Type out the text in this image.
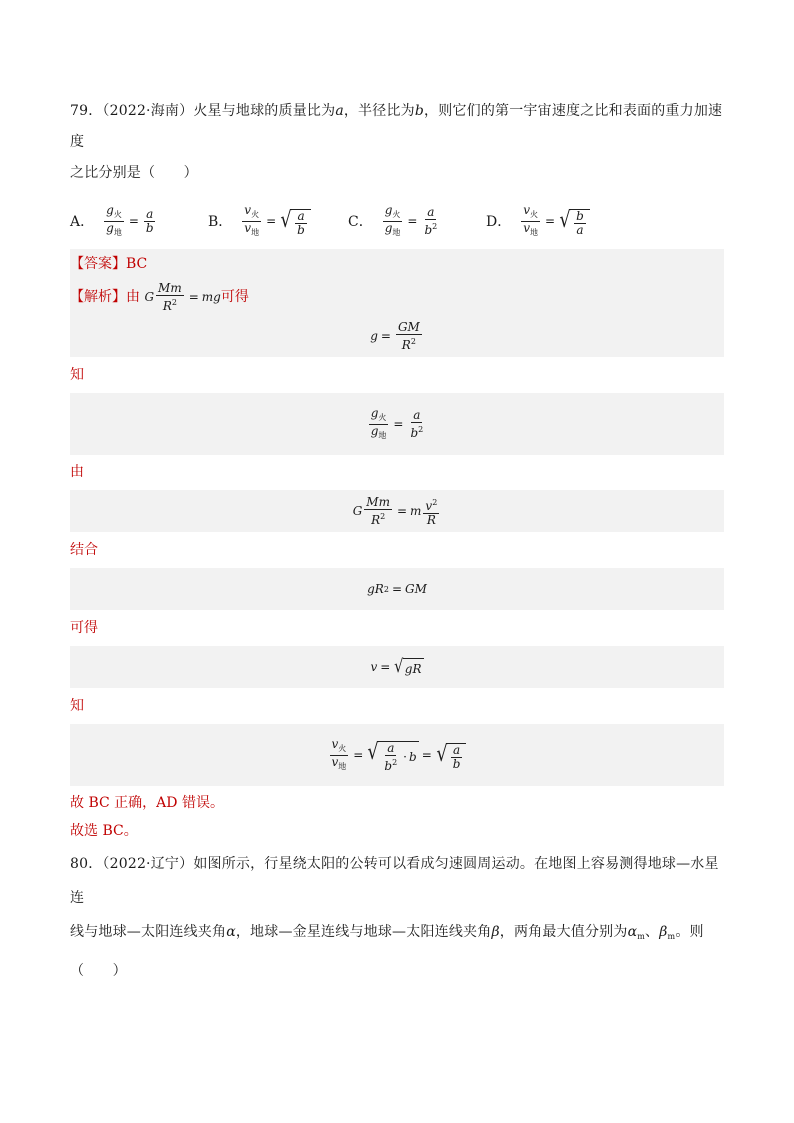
79．（2022·海南）火星与地球的质量比为a，半径比为b，则它们的第一宇宙速度之比和表面的重力加速度

之比分别是（　　）

A． $\frac{g_火}{g_地} = \frac{a}{b}$	B． $\frac{v_火}{v_地}$ = √ $\frac{a}{b}$	C． $\frac{g_火}{g_地} = \frac{a}{b^2}$	D． $\frac{v_火}{v_地}$ = √ $\frac{b}{a}$
【答案】BC
【解析】由 G $\frac{Mm}{R^2}$ = mg可得
$g = \frac{GM}{R^2}$
知
$\frac{g_火}{g_地} = \frac{a}{b^2}$
由
G $\frac{Mm}{R^2} = m \frac{v^2}{R}$
结合
gR 2 = GM
可得
v = √ gR
知
$\frac{v_火}{v_地}$ = √ $\frac{a}{b^2} \cdot b$ = √ $\frac{a}{b}$
故 BC 正确，AD 错误。
故选 BC。

80．（2022·辽宁）如图所示，行星绕太阳的公转可以看成匀速圆周运动。在地图上容易测得地球—水星连

线与地球—太阳连线夹角α，地球—金星连线与地球—太阳连线夹角β，两角最大值分别为$\alpha_m$、$\beta_m$。则

（　　）
